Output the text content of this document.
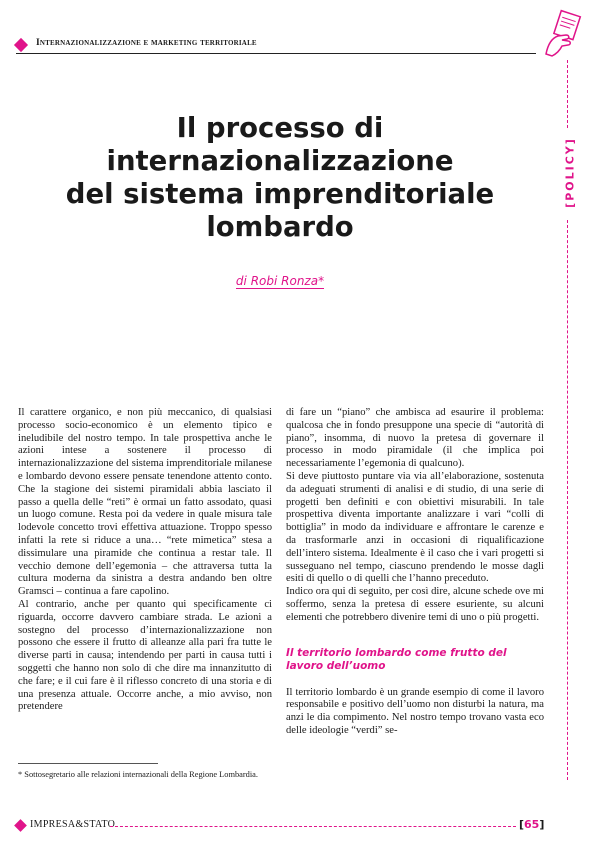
Internazionalizzazione e marketing territoriale
[POLICY]
Il processo di
internazionalizzazione
del sistema imprenditoriale
lombardo
di Robi Ronza*

Il carattere organico, e non più meccanico, di qualsiasi processo socio-economico è un elemento tipico e ineludibile del nostro tempo. In tale prospettiva anche le azioni intese a sostenere il processo di internazionalizzazione del sistema imprenditoriale milanese e lombardo devono essere pensate tenendone attento conto. Che la stagione dei sistemi piramidali abbia lasciato il passo a quella delle “reti” è ormai un fatto assodato, quasi un luogo comune. Resta poi da vedere in quale misura tale lodevole concetto trovi effettiva attuazione. Troppo spesso infatti la rete si riduce a una… “rete mimetica” stesa a dissimulare una piramide che continua a restar tale. Il vecchio demone dell’egemonia – che attraversa tutta la cultura moderna da sinistra a destra andando ben oltre Gramsci – continua a fare capolino.

Al contrario, anche per quanto qui specificamente ci riguarda, occorre davvero cambiare strada. Le azioni a sostegno del processo d’internazionalizzazione non possono che essere il frutto di alleanze alla pari fra tutte le diverse parti in causa; intendendo per parti in causa tutti i soggetti che hanno non solo di che dire ma innanzitutto di che fare; e il cui fare è il riflesso concreto di una storia e di una presenza attuale. Occorre anche, a mio avviso, non pretendere

di fare un “piano” che ambisca ad esaurire il problema: qualcosa che in fondo presuppone una specie di “autorità di piano”, insomma, di nuovo la pretesa di governare il processo in modo piramidale (il che implica poi necessariamente l’egemonia di qualcuno).

Si deve piuttosto puntare via via all’elaborazione, sostenuta da adeguati strumenti di analisi e di studio, di una serie di progetti ben definiti e con obiettivi misurabili. In tale prospettiva diventa importante analizzare i vari “colli di bottiglia” in modo da individuare e affrontare le carenze e da trasformarle anzi in occasioni di riqualificazione dell’intero sistema. Idealmente è il caso che i vari progetti si susseguano nel tempo, ciascuno prendendo le mosse dagli esiti di quello o di quelli che l’hanno preceduto.

Indico ora qui di seguito, per così dire, alcune schede ove mi soffermo, senza la pretesa di essere esuriente, su alcuni elementi che potrebbero divenire temi di uno o più progetti.

Il territorio lombardo come frutto del lavoro dell’uomo

Il territorio lombardo è un grande esempio di come il lavoro responsabile e positivo dell’uomo non disturbi la natura, ma anzi le dia compimento. Nel nostro tempo trovano vasta eco delle ideologie “verdi” se-

* Sottosegretario alle relazioni internazionali della Regione Lombardia.
IMPRESA&STATO	[65]
